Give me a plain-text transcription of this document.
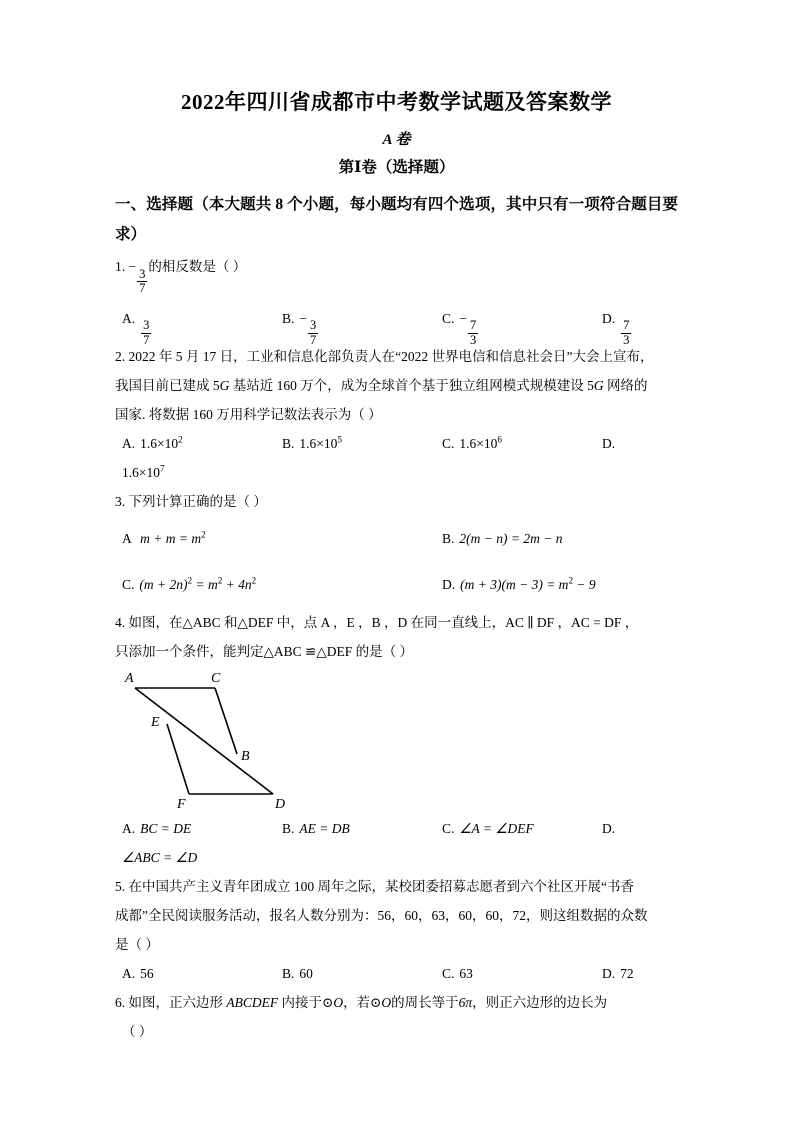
2022年四川省成都市中考数学试题及答案数学
A 卷
第Ⅰ卷（选择题）
一、选择题（本大题共 8 个小题，每小题均有四个选项，其中只有一项符合题目要求）
1. −
$\frac{3}{7}$
的相反数是（ ）
A.
$\frac{3}{7}$
B. −
$\frac{3}{7}$
C. −
$\frac{7}{3}$
D.
$\frac{7}{3}$
2. 2022 年 5 月 17 日，工业和信息化部负责人在“2022 世界电信和信息社会日”大会上宣布，
我国目前已建成 5G 基站近 160 万个，成为全球首个基于独立组网模式规模建设 5G 网络的
国家. 将数据 160 万用科学记数法表示为（ ）
A. $1.6\times 10^2$	B. $1.6\times 10^5$	C. $1.6\times 10^6$	D.
$1.6\times 10^7$
3. 下列计算正确的是（ ）
A $m + m = m^2$	B. 2(m − n) = 2m − n
C. $(m + 2n)^2 = m^2 + 4n^2$	D. $(m + 3)(m - 3) = m^2 - 9$
4. 如图，在△ABC 和△DEF 中，点 A ，E ，B ，D 在同一直线上，AC ∥ DF ，AC = DF ，
只添加一个条件，能判定△ABC ≌△DEF 的是（ ）
A	C
E
B
F	D
A. BC = DE	B. AE = DB	C. ∠A = ∠DEF	D.
∠ABC = ∠D
5. 在中国共产主义青年团成立 100 周年之际，某校团委招募志愿者到六个社区开展“书香
成都”全民阅读服务活动，报名人数分别为：56，60，63，60，60，72，则这组数据的众数
是（ ）
A. 56	B. 60	C. 63	D. 72
6. 如图，正六边形 ABCDEF 内接于⊙O，若⊙O的周长等于6π，则正六边形的边长为
（ ）
